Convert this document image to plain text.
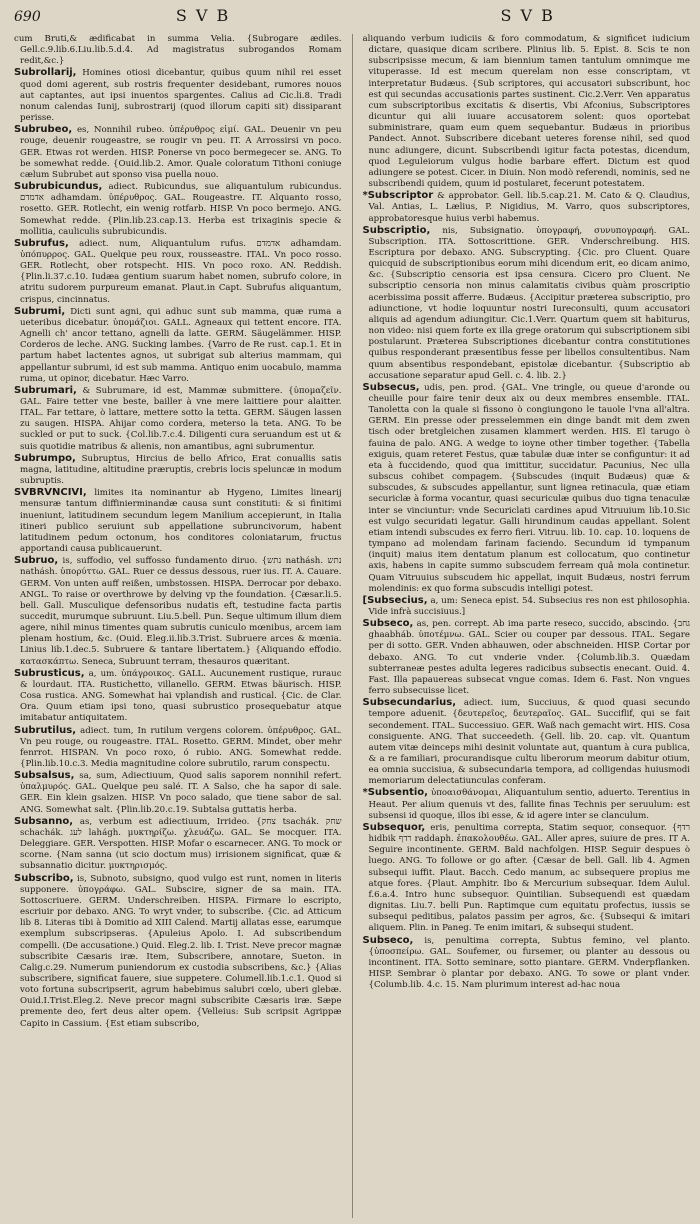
690	S V B	S V B

cum Bruti,& ædificabat in summa Velia. {Subrogare ædiles. Gell.c.9.lib.6.Liu.lib.5.d.4. Ad magistratus subrogandos Romam redit,&c.}

Subrollarij, Homines otiosi dicebantur, quibus quum nihil rei esset quod domi agerent, sub rostris frequenter desidebant, rumores nouos aut captantes, aut ipsi inuentos spargentes. Calius ad Cic.li.8. Tradi nonum calendas Iunij, subrostrarij (quod illorum capiti sit) dissiparant perisse.

Subrubeo, es, Nonnihil rubeo. ὑπέρυθρος εἰμί. GAL. Deuenir vn peu rouge, deuenir rougeastre, se rougir vn peu. IT. A Arrossirsi vn poco. GER. Etwas rot werden. HISP. Ponerse vn poco bermegecer se. ANG. To be somewhat redde. {Ouid.lib.2. Amor. Quale coloratum Tithoni coniuge cælum Subrubet aut sponso visa puella nouo.

Subrubicundus, adiect. Rubicundus, sue aliquantulum rubicundus. אדמדם adhamdam. ὑπέρυθρος. GAL. Rougeastre. IT. Alquanto rosso, rosetto. GER. Rotlecht, ein wenig rotfarb. HISP. Vn poco bermejo. ANG. Somewhat redde. {Plin.lib.23.cap.13. Herba est trixaginis specie & mollitia, cauliculis subrubicundis.

Subrufus, adiect. num, Aliquantulum rufus. אדמדם adhamdam. ὑπόπυρρος. GAL. Quelque peu roux, rousseastre. ITAL. Vn poco rosso. GER. Rotlecht, ober rotspecht. HIS. Vn poco roxo. AN. Reddish. {Plin.li.37.c.10. Iudæa gentium suarum habet nomen, subrufo colore, in atritu sudorem purpureum emanat. Plaut.in Capt. Subrufus aliquantum, crispus, cincinnatus.

Subrumi, Dicti sunt agni, qui adhuc sunt sub mamma, quæ ruma a ueteribus dicebatur. ὑπομάζιοι. GALL. Agneaux qui tettent encore. ITA. Agnelli ch' ancor tettano, agnelli da latte. GERM. Säugelämmer. HISP. Corderos de leche. ANG. Sucking lambes. {Varro de Re rust. cap.1. Et in partum habet lactentes agnos, ut subrigat sub alterius mammam, qui appellantur subrumi, id est sub mamma. Antiquo enim uocabulo, mamma ruma, ut opinor, dicebatur. Hæc Varro.

Subrumari, & Subrumare, id est, Mammæ submittere. {ὑπομαζεῖν. GAL. Faire tetter vne beste, bailler à vne mere laittiere pour alaitter. ITAL. Far tettare, ò lattare, mettere sotto la tetta. GERM. Säugen lassen zu saugen. HISPA. Ahijar como cordera, meterso la teta. ANG. To be suckled or put to suck. {Col.lib.7.c.4. Diligenti cura seruandum est ut & suis quotidie matribus & alienis, non amantibus, agni subrumentur.

Subrumpo, Subruptus, Hircius de bello Africo, Erat conuallis satis magna, latitudine, altitudine præruptis, crebris locis speluncæ in modum subruptis.

SVBRVNCIVI, limites ita nominantur ab Hygeno, Limites linearij mensuræ tantum diffinierminandæ causa sunt constituti: & si finitimi inueniunt, latitudinem secundum legem Manilium accepierunt, in Italia itineri publico seruiunt sub appellatione subruncivorum, habent latitudinem pedum octonum, hos conditores coloniatarum, fructus apportandi causa publicauerunt.

Subruo, is, suffodio, vel suffosso fundamento diruo. {נתש nathásh. נתש nathásh. ὑπορύττω. GAL. Ruer ce dessus dessous, ruer ius. IT. A. Cauare. GERM. Von unten auff reißen, umbstossen. HISPA. Derrocar por debaxo. ANGL. To raise or overthrowe by delving vp the foundation. {Cæsar.li.5. bell. Gall. Musculique defensoribus nudatis eft, testudine facta partis succedit, murumque subruunt. Liu.5.bell. Pun. Seque ultimum illum diem agere, nihil minus timentes quam subrutis cuniculo mœnibus, arcem iam plenam hostium, &c. (Ouid. Eleg.ii.lib.3.Trist. Subruere arces & mœnia. Linius lib.1.dec.5. Subruere & tantare libertatem.} {Aliquando effodio. κατασκάπτω. Seneca, Subruunt terram, thesauros quæritant.

Subrusticus, a, um. ὑπάγροικος. GALL. Aucunement rustique, rurauc & lourdaut. ITA. Rustichetto, villanello. GERM. Etwas bäurisch. HISP. Cosa rustica. ANG. Somewhat hai vplandish and rustical. {Cic. de Clar. Ora. Quum etiam ipsi tono, quasi subrustico prosequebatur atque imitabatur antiquitatem.

Subrutilus, adiect. tum, In rutilum vergens colorem. ὑπέρυθρος. GAL. Vn peu rouge, ou rougeastre. ITAL. Rosetto. GERM. Mindet, ober mehr fenrrot. HISPAN. Vn poco roxo, ó rubio. ANG. Somewhat redde. {Plin.lib.10.c.3. Media magnitudine colore subrutilo, rarum conspectu.

Subsalsus, sa, sum, Adiectiuum, Quod salis saporem nonnihil refert. ὑπαλμυρός. GAL. Quelque peu salé. IT. A Salso, che ha sapor di sale. GER. Ein klein gsalzen. HISP. Vn poco salado, que tiene sabor de sal. ANG. Somewhat salt. {Plin.lib.20.c.19. Subtalsa guttatis herba.

Subsanno, as, verbum est adiectiuum, Irrideo. {צחק tsachák. שחק schachák. לעג lahágh. μυκτηρίζω. χλευάζω. GAL. Se mocquer. ITA. Deleggiare. GER. Verspotten. HISP. Mofar o escarnecer. ANG. To mock or scorne. {Nam sanna (ut scio doctum mus) irrisionem significat, quæ & subsannatio dicitur. μυκτηρισμός.

Subscribo, is, Subnoto, subsigno, quod vulgo est runt, nomen in literis supponere. ὑπογράφω. GAL. Subscire, signer de sa main. ITA. Sottoscriuere. GERM. Underschreiben. HISPA. Firmare lo escripto, escriuir por debaxo. ANG. To wryt vnder, to subscribe. {Cic. ad Atticum lib 8. Literas tibi à Domitio ad XIII Calend. Martij allatas esse, earumque exemplum subscripseras. {Apuleius Apolo. I. Ad subscribendum compelli. (De accusatione.) Quid. Eleg.2. lib. I. Trist. Neve precor magnæ subscribite Cæsaris iræ. Item, Subscribere, annotare, Sueton. in Calig.c.29. Numerum puniendorum ex custodia subscribens, &c.} {Alias subscribere, significat fauere, siue suppetere. Columell.lib.1.c.1. Quod si voto fortuna subscripserit, agrum habebimus salubri cœlo, uberi glebæ. Ouid.I.Trist.Eleg.2. Neve precor magni subscribite Cæsaris iræ. Sæpe premente deo, fert deus alter opem. {Velleius: Sub scripsit Agrippæ Capito in Cassium. {Est etiam subscribo,

aliquando verbum iudiciis & foro commodatum, & significet iudicium dictare, quasique dicam scribere. Plinius lib. 5. Epist. 8. Scis te non subscripsisse mecum, & iam biennium tamen tantulum omnimque me vituperasse. Id est mecum querelam non esse conscriptam, vt interpretatur Budæus. {Sub scriptores, qui accusatori subscribunt, hoc est qui secundas accusationis partes sustinent. Cic.2.Verr. Ven apparatus cum subscriptoribus excitatis & disertis, Vbi Afconius, Subscriptores dicuntur qui alii iuuare accusatorem solent: quos oportebat subministrare, quam eum quem sequebantur. Budæus in prioribus Pandect. Annot. Subscribere dicebant ueteres forense nihil, sed quod nunc adiungere, dicunt. Subscribendi igitur facta potestas, dicendum, quod Leguleiorum vulgus hodie barbare effert. Dictum est quod adiungere se potest. Cicer. in Diuin. Non modò referendi, nominis, sed ne subscribendi quidem, quum id postularet, fecerunt potestatem.

*Subscriptor & approbator. Gell. lib.5.cap.21. M. Cato & Q. Claudius, Val. Antias, L. Lælius, P. Nigidius, M. Varro, quos subscriptores, approbatoresque huius verbi habemus.

Subscriptio, nis, Subsignatio. ὑπογραφή, συνυπογραφή. GAL. Subscription. ITA. Sottoscrittione. GER. Vnderschreibung. HIS. Escriptura por debaxo. ANG. Subscrypting. {Cic. pro Cluent. Quare quicquid de subscriptionibus eorum mihi dicendum erit, eo dicam animo, &c. {Subscriptio censoria est ipsa censura. Cicero pro Cluent. Ne subscriptio censoria non minus calamitatis civibus quàm proscriptio acerbissima possit afferre. Budæus. {Accipitur præterea subscriptio, pro adiunctione, vt hodie loquuntur nostri Iureconsulti, quum accusatori aliquis ad agendum adiungitur. Cic.1.Verr. Quartum quem sit habiturus, non video: nisi quem forte ex illa grege oratorum qui subscriptionem sibi postularunt. Præterea Subscriptiones dicebantur contra constitutiones quibus responderant præsentibus fesse per libellos consultentibus. Nam quum absentibus respondebant, epistolæ dicebantur. {Subscriptio ab accusatione separatur apud Gell. c. 4. lib. 2.}

Subsecus, udis, pen. prod. {GAL. Vne tringle, ou queue d'aronde ou cheuille pour faire tenir deux aix ou deux membres ensemble. ITAL. Tanoletta con la quale si fissono ò congiungono le tauole l'vna all'altra. GERM. Ein presse oder presselemmen ein dinge bandt mit dem zwen tisch oder bretgleichen zusamen klammert werden. HIS. El tarugo ò fauina de palo. ANG. A wedge to ioyne other timber together. {Tabella exiguis, quam reteret Festus, quæ tabulæ duæ inter se configuntur: it ad eta à fuccidendo, quod qua imittitur, succidatur. Pacunius, Nec ulla subscus cohibet compagem. {Subscudes (inquit Budæus) quæ & subscudes, & subscudes appellantur, sunt lignea retinacula, quæ etiam securiclæ à forma vocantur, quasi securiculæ quibus duo tigna tenaculæ inter se vinciuntur: vnde Securiclati cardines apud Vitruuium lib.10.Sic est vulgo securidati legatur. Galli hirundinum caudas appellant. Solent etiam intendi subscudes ex ferro fieri. Vitruu. lib. 10. cap. 10. loquens de tympano ad molendam farinam faciendo. Secundum id tympanum (inquit) maius item dentatum planum est collocatum, quo continetur axis, habens in capite summo subscudem ferream quâ mola continetur. Quam Vitruuius subscudem hic appellat, inquit Budæus, nostri ferrum molendinis: ex quo forma subscudis intelligi potest.

[Subsecius, a, um: Seneca epist. 54. Subsecius res non est philosophia. Vide infrà succisiuus.]

Subseco, as, pen. corrept. Ab ima parte reseco, succido, abscindo. {גחב ghaabháb. ὑποτέμνω. GAL. Scier ou couper par dessous. ITAL. Segare per di sotto. GER. Vnden abhauwen, oder abschneiden. HISP. Cortar por debaxo. ANG. To cut vnderie vnder. {Columb.lib.3. Quædam subterraneæ pestes adulta legeres radicibus subsectis enecant. Ouid. 4. Fast. Illa papauereas subsecat vngue comas. Idem 6. Fast. Non vngues ferro subsecuisse licet.

Subsecundarius, adiect. ium, Succiuus, & quod quasi secundo tempore aduenit. {δευτερεῖος, δευτεραῖος. GAL. Succiflif, qui se fait secondement. ITAL. Successiuo. GER. Waß nach gemacht wirt. HIS. Cosa consiguente. ANG. That succeedeth. {Gell. lib. 20. cap. vlt. Quantum autem vitæ deinceps mihi desinit voluntate aut, quantum à cura publica, & a re familiari, procurandisque cultu liberorum meorum dabitur otium, ea omnia succisiua, & subsecundaria tempora, ad colligendas huiusmodi memoriarum delectatiunculas conferam.

*Subsentio, ὑποαισθάνομαι, Aliquantulum sentio, aduerto. Terentius in Heaut. Per alium quenuis vt des, fallite finas Technis per seruulum: est subsensi id quoque, illos ibi esse, & id agere inter se clanculum.

Subsequor, eris, penultima correpta, Statim sequor, consequor. {רדף hidbik רדף raddaph. ἐπακολουθέω. GAL. Aller apres, suiure de pres. IT A. Seguire incontinente. GERM. Bald nachfolgen. HISP. Seguir despues ò luego. ANG. To followe or go after. {Cæsar de bell. Gall. lib 4. Agmen subsequi iuffit. Plaut. Bacch. Cedo manum, ac subsequere propius me atque fores. {Plaut. Amphitr. Ibo & Mercurium subsequar. Idem Aulul. f.6.a.4. Intro hunc subsequor. Quintilian. Subsequendi est quædam dignitas. Liu.7. belli Pun. Raptimque cum equitatu profectus, iussis se subsequi peditibus, palatos passim per agros, &c. {Subsequi & imitari aliquem. Plin. in Paneg. Te enim imitari, & subsequi student.

Subseco, is, penultima correpta, Subtus femino, vel planto. {ὑποσπείρω. GAL. Soufemer, ou fursemer, ou planter au dessous ou incontinent. ITA. Sotto seminare, sotto piantare. GERM. Vnderpflanken. HISP. Sembrar ò plantar por debaxo. ANG. To sowe or plant vnder. {Columb.lib. 4.c. 15. Nam plurimum interest ad-hac noua
